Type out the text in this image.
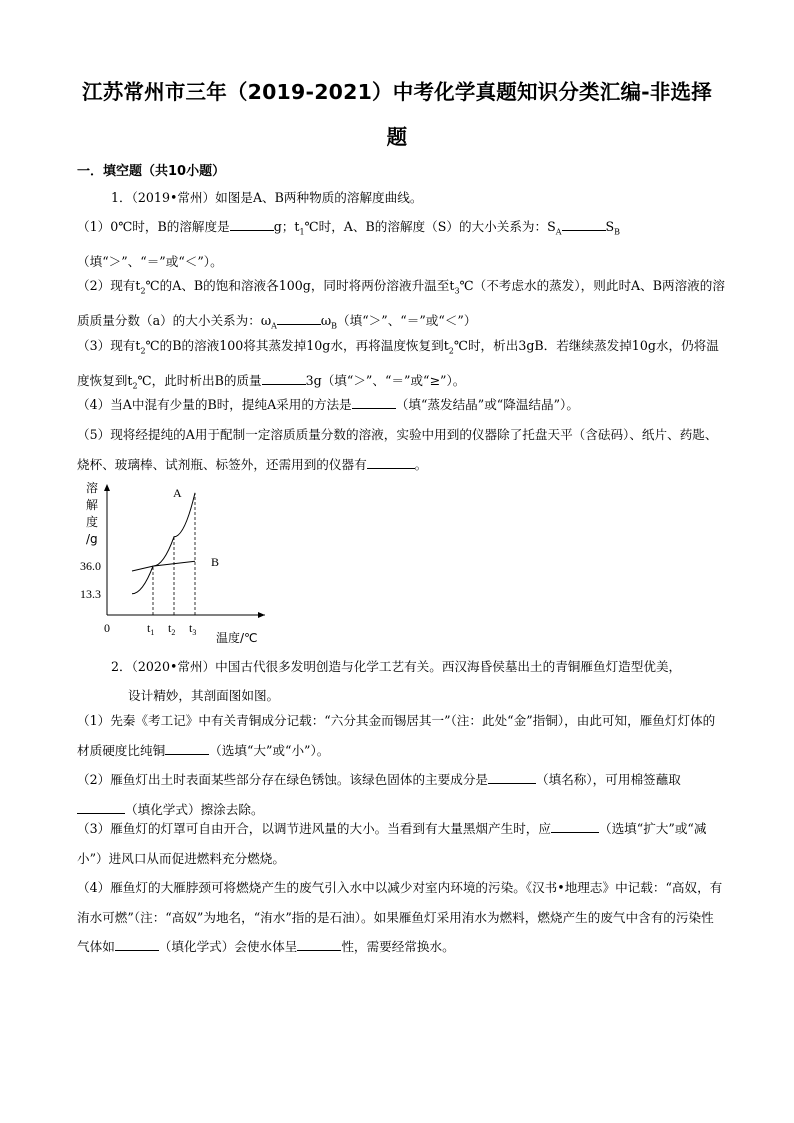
江苏常州市三年（2019-2021）中考化学真题知识分类汇编-非选择
题
一．填空题（共10小题）

1．（2019•常州）如图是A、B两种物质的溶解度曲线。

（1）0℃时，B的溶解度是	g；$t_1℃$时，A、B的溶解度（S）的大小关系为：$S_A$	$S_B$（填“＞”、“＝”或“＜”）。

（2）现有$t_2℃$的A、B的饱和溶液各100g，同时将两份溶液升温至$t_3℃$（不考虑水的蒸发），则此时A、B两溶液的溶质质量分数（a）的大小关系为：$\omega_A$	$\omega_B$（填“＞”、“＝”或“＜”）

（3）现有$t_2℃$的B的溶液100将其蒸发掉10g水，再将温度恢复到$t_2℃$时，析出3gB．若继续蒸发掉10g水，仍将温度恢复到$t_2℃$，此时析出B的质量	3g（填“＞”、“＝”或“≥”）。

（4）当A中混有少量的B时，提纯A采用的方法是	（填“蒸发结晶”或“降温结晶”）。

（5）现将经提纯的A用于配制一定溶质质量分数的溶液，实验中用到的仪器除了托盘天平（含砝码）、纸片、药匙、烧杯、玻璃棒、试剂瓶、标签外，还需用到的仪器有	。

溶
解
度
/g
36.0
13.3
0	$t_1$ $t_2$ $t_3$ 温度/℃
A
B

2．（2020•常州）中国古代很多发明创造与化学工艺有关。西汉海昏侯墓出土的青铜雁鱼灯造型优美，

设计精妙，其剖面图如图。

（1）先秦《考工记》中有关青铜成分记载：“六分其金而锡居其一”（注：此处“金”指铜），由此可知，雁鱼灯灯体的材质硬度比纯铜	（选填“大”或“小”）。

（2）雁鱼灯出土时表面某些部分存在绿色锈蚀。该绿色固体的主要成分是	（填名称），可用棉签蘸取（填化学式）擦涂去除。

（3）雁鱼灯的灯罩可自由开合，以调节进风量的大小。当看到有大量黑烟产生时，应	（选填“扩大”或“减小”）进风口从而促进燃料充分燃烧。

（4）雁鱼灯的大雁脖颈可将燃烧产生的废气引入水中以减少对室内环境的污染。《汉书•地理志》中记载：“高奴，有洧水可燃”（注：“高奴”为地名，“洧水”指的是石油）。如果雁鱼灯采用洧水为燃料，燃烧产生的废气中含有的污染性气体如	（填化学式）会使水体呈	性，需要经常换水。
